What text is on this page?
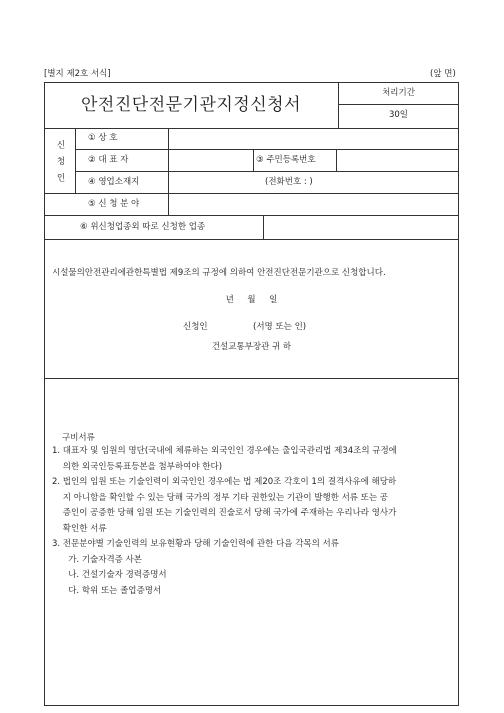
[별지 제2호 서식]	(앞 면)
안전진단전문기관지정신청서
처리기간
30일
신 청 인
① 상 호
② 대 표 자	③ 주민등록번호
④ 영업소재지	(전화번호 : )
⑤ 신 청 분 야
⑥ 위신청업종외 따로 신청한 업종
시설물의안전관리에관한특별법 제9조의 규정에 의하여 안전진단전문기관으로 신청합니다.
년     월     일
신청인	(서명 또는 인)
건설교통부장관 귀 하
구비서류

1. 대표자 및 임원의 명단(국내에 체류하는 외국인인 경우에는 출입국관리법 제34조의 규정에

의한 외국인등록표등본을 첨부하여야 한다)

2. 법인의 임원 또는 기술인력이 외국인인 경우에는 법 제20조 각호이 1의 결격사유에 해당하

지 아니함을 확인할 수 있는 당해 국가의 정부 기타 권한있는 기관이 발행한 서류 또는 공

증인이 공증한 당해 임원 또는 기술인력의 진술로서 당해 국가에 주재하는 우리나라 영사가

확인한 서류

3. 전문분야별 기술인력의 보유현황과 당해 기술인력에 관한 다음 각목의 서류

가. 기술자격증 사본

나. 건설기술자 경력증명서

다. 학위 또는 졸업증명서
